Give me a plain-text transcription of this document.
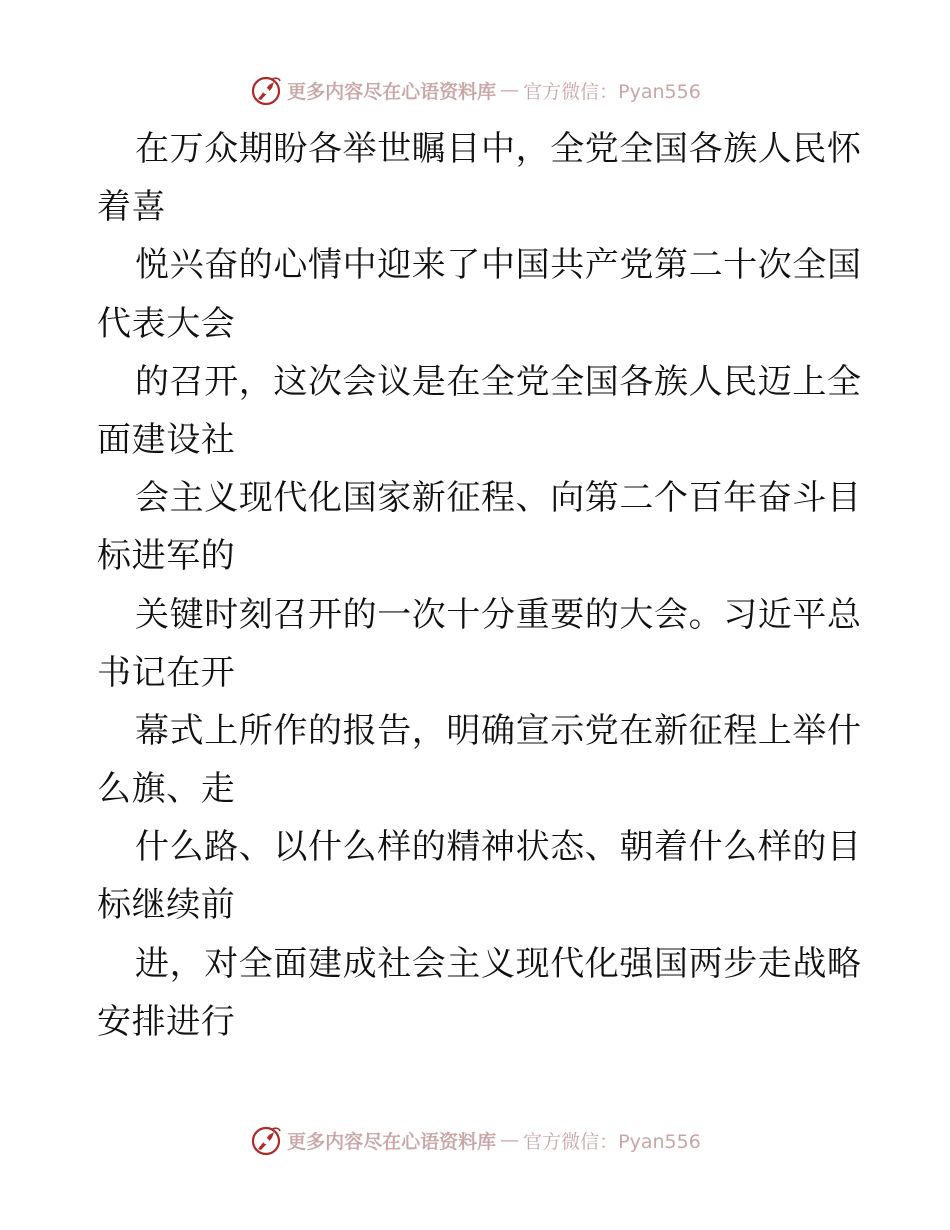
更多内容尽在心语资料库 — 官方微信：Pyan556
在万众期盼各举世瞩目中，全党全国各族人民怀
着喜
悦兴奋的心情中迎来了中国共产党第二十次全国
代表大会
的召开，这次会议是在全党全国各族人民迈上全
面建设社
会主义现代化国家新征程、向第二个百年奋斗目
标进军的
关键时刻召开的一次十分重要的大会。习近平总
书记在开
幕式上所作的报告，明确宣示党在新征程上举什
么旗、走
什么路、以什么样的精神状态、朝着什么样的目
标继续前
进，对全面建成社会主义现代化强国两步走战略
安排进行
更多内容尽在心语资料库 — 官方微信：Pyan556
